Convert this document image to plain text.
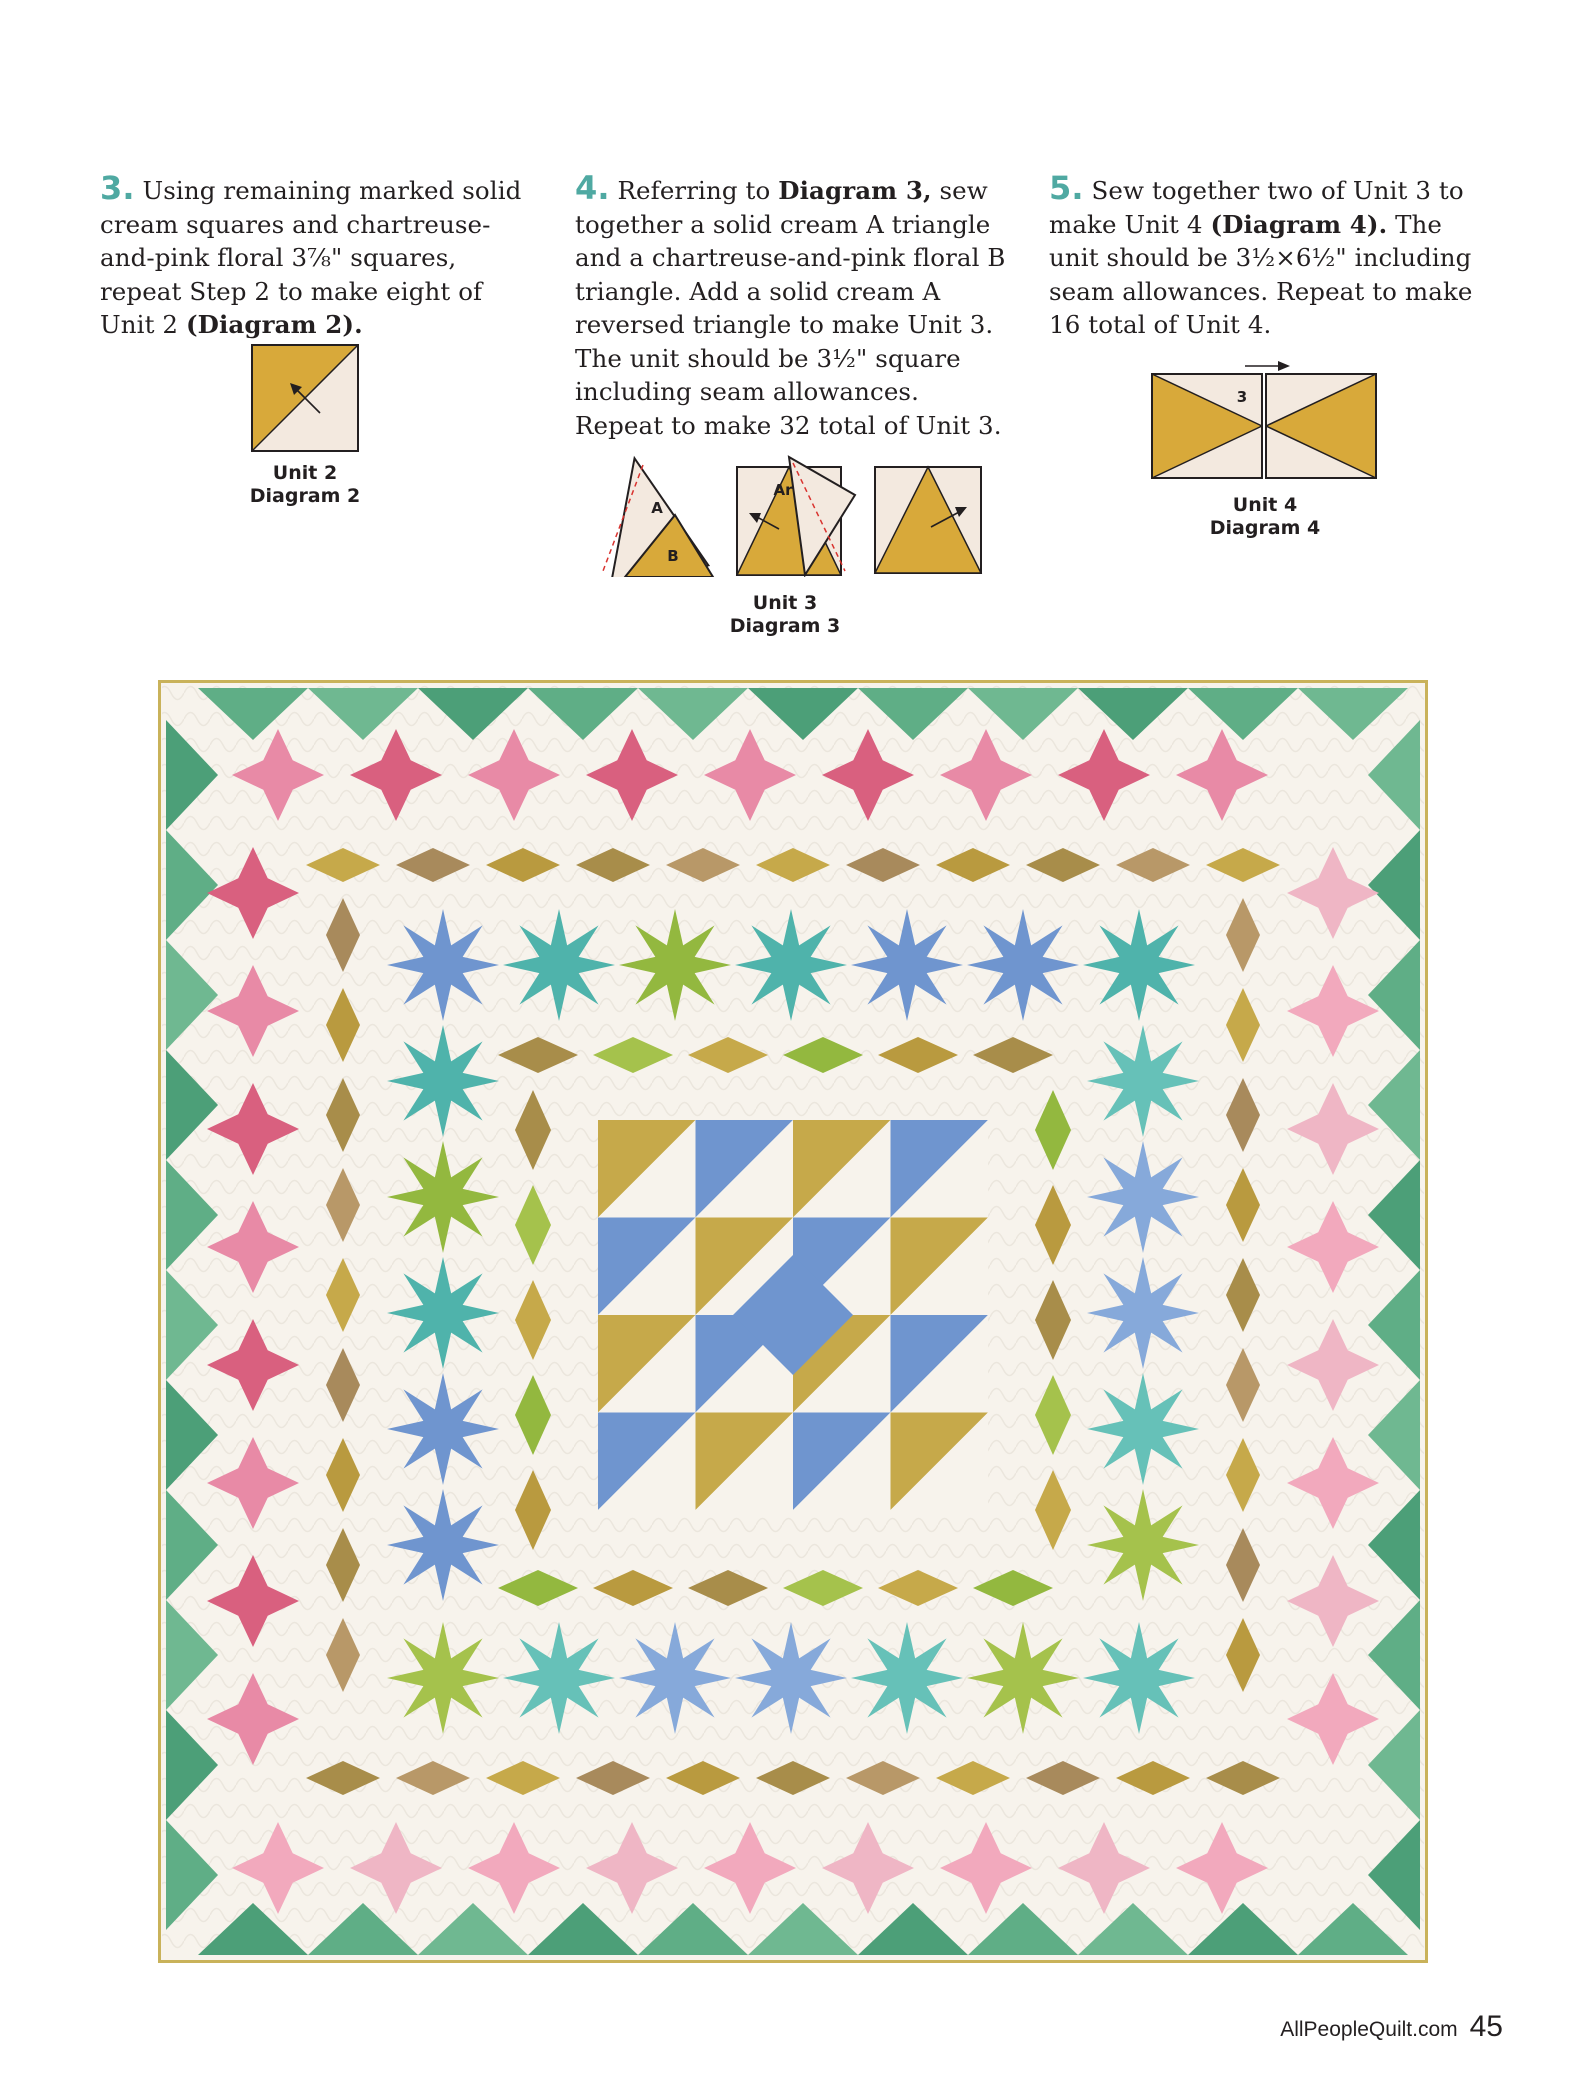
3. Using remaining marked solid cream squares and chartreuse-and-pink floral 3⅞" squares, repeat Step 2 to make eight of Unit 2 (Diagram 2).
4. Referring to Diagram 3, sew together a solid cream A triangle and a chartreuse-and-pink floral B triangle. Add a solid cream A reversed triangle to make Unit 3. The unit should be 3½" square including seam allowances. Repeat to make 32 total of Unit 3.
5. Sew together two of Unit 3 to make Unit 4 (Diagram 4). The unit should be 3½×6½" including seam allowances. Repeat to make 16 total of Unit 4.
Unit 2
Diagram 2
A
B
Ar
Unit 3
Diagram 3
3
Unit 4
Diagram 4
AllPeopleQuilt.com 45
